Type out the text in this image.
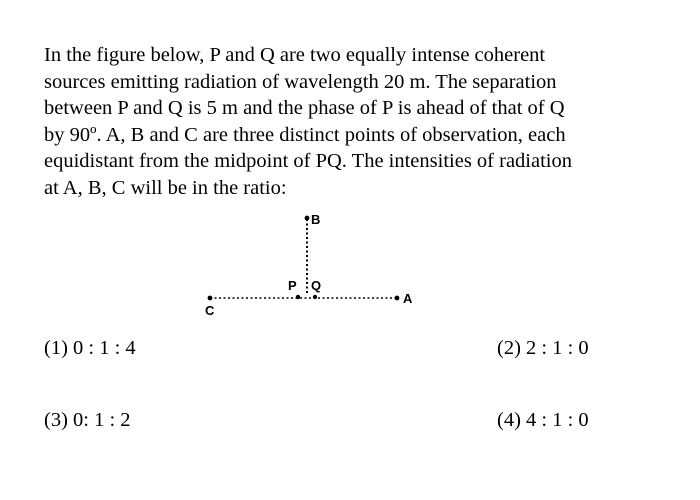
In the figure below, P and Q are two equally intense coherent
sources emitting radiation of wavelength 20 m. The separation
between P and Q is 5 m and the phase of P is ahead of that of Q
by 90º. A, B and C are three distinct points of observation, each
equidistant from the midpoint of PQ. The intensities of radiation
at A, B, C will be in the ratio:

B
P Q
A
C
(1) 0 : 1 : 4	(2) 2 : 1 : 0
(3) 0: 1 : 2	(4) 4 : 1 : 0
